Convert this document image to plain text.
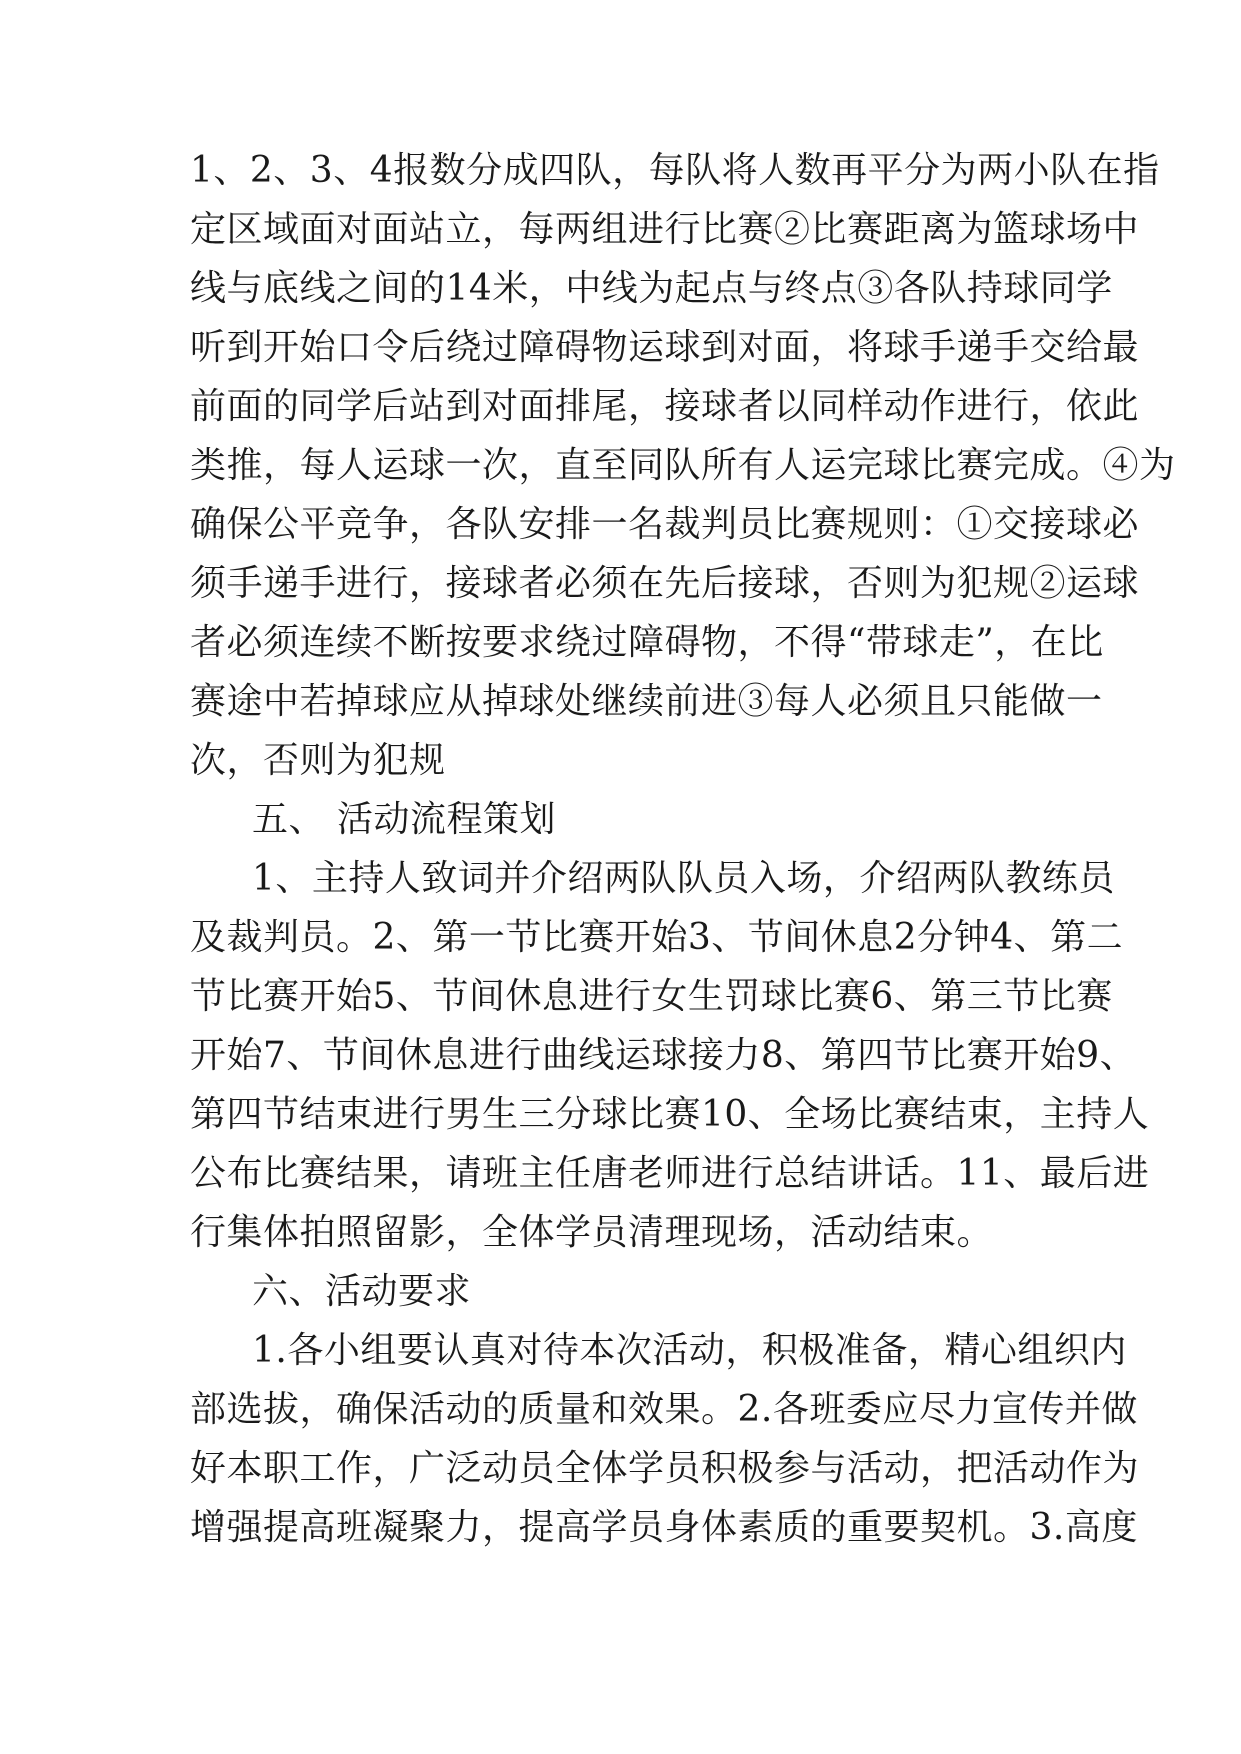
1、2、3、4报数分成四队，每队将人数再平分为两小队在指
定区域面对面站立，每两组进行比赛②比赛距离为篮球场中
线与底线之间的14米，中线为起点与终点③各队持球同学
听到开始口令后绕过障碍物运球到对面，将球手递手交给最
前面的同学后站到对面排尾，接球者以同样动作进行，依此
类推，每人运球一次，直至同队所有人运完球比赛完成。④为
确保公平竞争，各队安排一名裁判员比赛规则：①交接球必
须手递手进行，接球者必须在先后接球，否则为犯规②运球
者必须连续不断按要求绕过障碍物，不得“带球走”，在比
赛途中若掉球应从掉球处继续前进③每人必须且只能做一
次，否则为犯规
五、 活动流程策划
1、主持人致词并介绍两队队员入场，介绍两队教练员
及裁判员。2、第一节比赛开始3、节间休息2分钟4、第二
节比赛开始5、节间休息进行女生罚球比赛6、第三节比赛
开始7、节间休息进行曲线运球接力8、第四节比赛开始9、
第四节结束进行男生三分球比赛10、全场比赛结束，主持人
公布比赛结果，请班主任唐老师进行总结讲话。11、最后进
行集体拍照留影，全体学员清理现场，活动结束。
六、活动要求
1.各小组要认真对待本次活动，积极准备，精心组织内
部选拔，确保活动的质量和效果。2.各班委应尽力宣传并做
好本职工作，广泛动员全体学员积极参与活动，把活动作为
增强提高班凝聚力，提高学员身体素质的重要契机。3.高度
